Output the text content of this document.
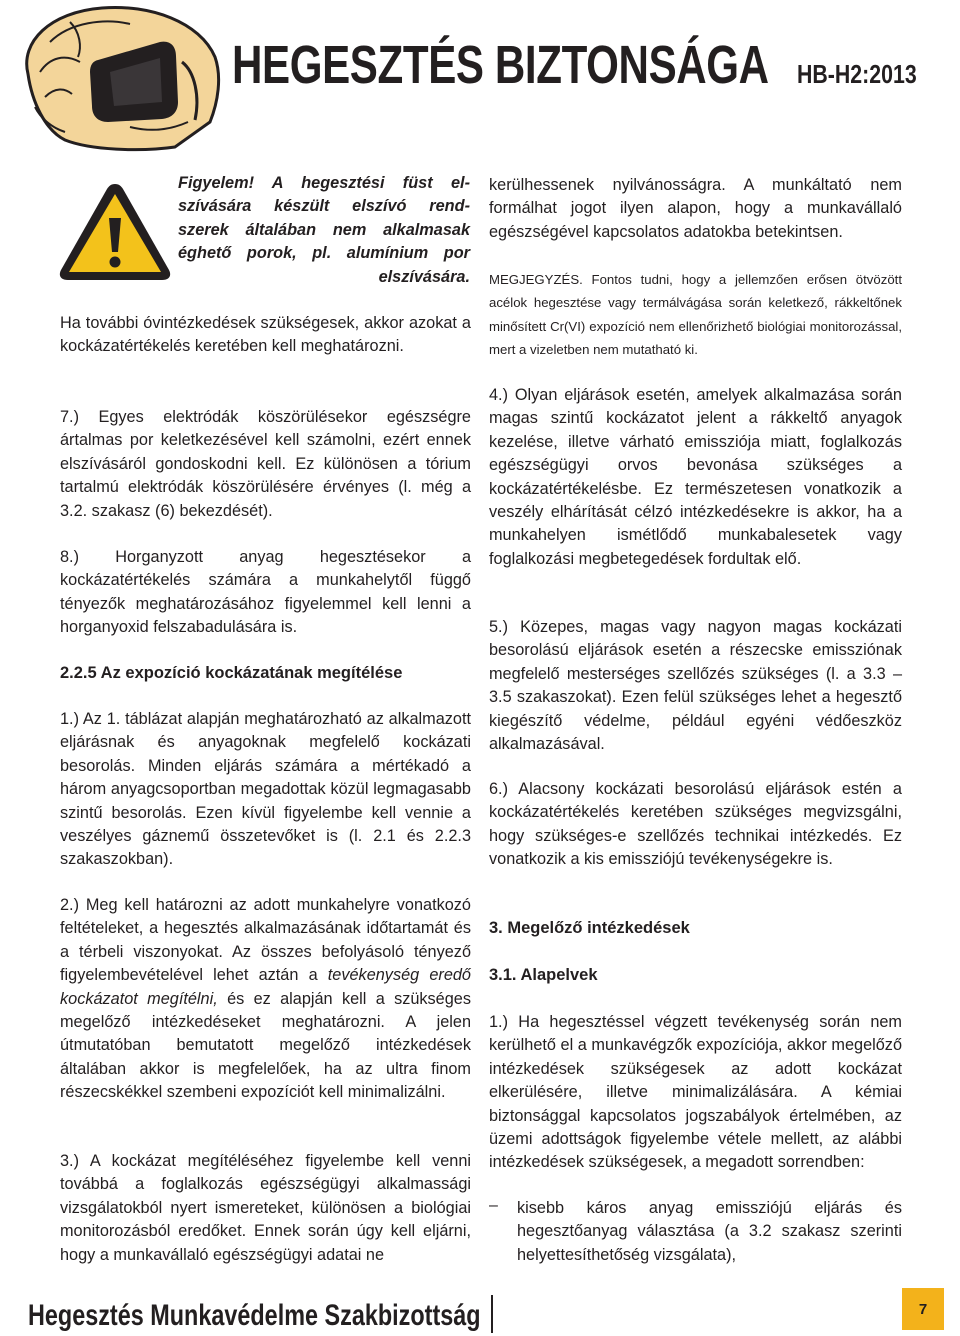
HEGESZTÉS BIZTONSÁGA HB-H2:2013
Figyelem! A hegesztési füst el-
szívására készült elszívó rend-
szerek általában nem alkalmasak
éghető porok, pl. alumínium por
elszívására.

Ha további óvintézkedések szükségesek, akkor azokat a kockázatértékelés keretében kell meghatározni.

7.) Egyes elektródák köszörülésekor egészségre ártalmas por keletkezésével kell számolni, ezért ennek elszívásáról gondoskodni kell. Ez különösen a tórium tartalmú elektródák köszörülésére érvényes (l. még a 3.2. szakasz (6) bekezdését).

8.) Horganyzott anyag hegesztésekor a kockázatértékelés számára a munkahelytől függő tényezők meghatározásához figyelemmel kell lenni a horganyoxid felszabadulására is.

2.2.5 Az expozíció kockázatának megítélése

1.) Az 1. táblázat alapján meghatározható az alkalmazott eljárásnak és anyagoknak megfelelő kockázati besorolás. Minden eljárás számára a mértékadó a három anyagcsoportban megadottak közül legmagasabb szintű besorolás. Ezen kívül figyelembe kell vennie a veszélyes gáznemű összetevőket is (l. 2.1 és 2.2.3 szakaszokban).

2.) Meg kell határozni az adott munkahelyre vonatkozó feltételeket, a hegesztés alkalmazásának időtartamát és a térbeli viszonyokat. Az összes befolyásoló tényező figyelembevételével lehet aztán a tevékenység eredő kockázatot megítélni, és ez alapján kell a szükséges megelőző intézkedéseket meghatározni. A jelen útmutatóban bemutatott megelőző intézkedések általában akkor is megfelelőek, ha az ultra finom részecskékkel szembeni expozíciót kell minimalizálni.

3.) A kockázat megítéléséhez figyelembe kell venni továbbá a foglalkozás egészségügyi alkalmassági vizsgálatokból nyert ismereteket, különösen a biológiai monitorozásból eredőket. Ennek során úgy kell eljárni, hogy a munkavállaló egészségügyi adatai ne

kerülhessenek nyilvánosságra. A munkáltató nem formálhat jogot ilyen alapon, hogy a munkavállaló egészségével kapcsolatos adatokba betekintsen.

MEGJEGYZÉS. Fontos tudni, hogy a jellemzően erősen ötvözött acélok hegesztése vagy termálvágása során keletkező, rákkeltőnek minősített Cr(VI) expozíció nem ellenőrizhető biológiai monitorozással, mert a vizeletben nem mutatható ki.

4.) Olyan eljárások esetén, amelyek alkalmazása során magas szintű kockázatot jelent a rákkeltő anyagok kezelése, illetve várható emissziója miatt, foglalkozás egészségügyi orvos bevonása szükséges a kockázatértékelésbe. Ez természetesen vonatkozik a veszély elhárítását célzó intézkedésekre is akkor, ha a munkahelyen ismétlődő munkabalesetek vagy foglalkozási megbetegedések fordultak elő.

5.) Közepes, magas vagy nagyon magas kockázati besorolású eljárások esetén a részecske emissziónak megfelelő mesterséges szellőzés szükséges (l. a 3.3 – 3.5 szakaszokat). Ezen felül szükséges lehet a hegesztő kiegészítő védelme, például egyéni védőeszköz alkalmazásával.

6.) Alacsony kockázati besorolású eljárások estén a kockázatértékelés keretében szükséges megvizsgálni, hogy szükséges-e szellőzés technikai intézkedés. Ez vonatkozik a kis emissziójú tevékenységekre is.

3. Megelőző intézkedések
3.1. Alapelvek

1.) Ha hegesztéssel végzett tevékenység során nem kerülhető el a munkavégzők expozíciója, akkor megelőző intézkedések szükségesek az adott kockázat elkerülésére, illetve minimalizálására. A kémiai biztonsággal kapcsolatos jogszabályok értelmében, az üzemi adottságok figyelembe vétele mellett, az alábbi intézkedések szükségesek, a megadott sorrendben:

– kisebb káros anyag emissziójú eljárás és hegesztőanyag választása (a 3.2 szakasz szerinti helyettesíthetőség vizsgálata),

Hegesztés Munkavédelme Szakbizottság	7
